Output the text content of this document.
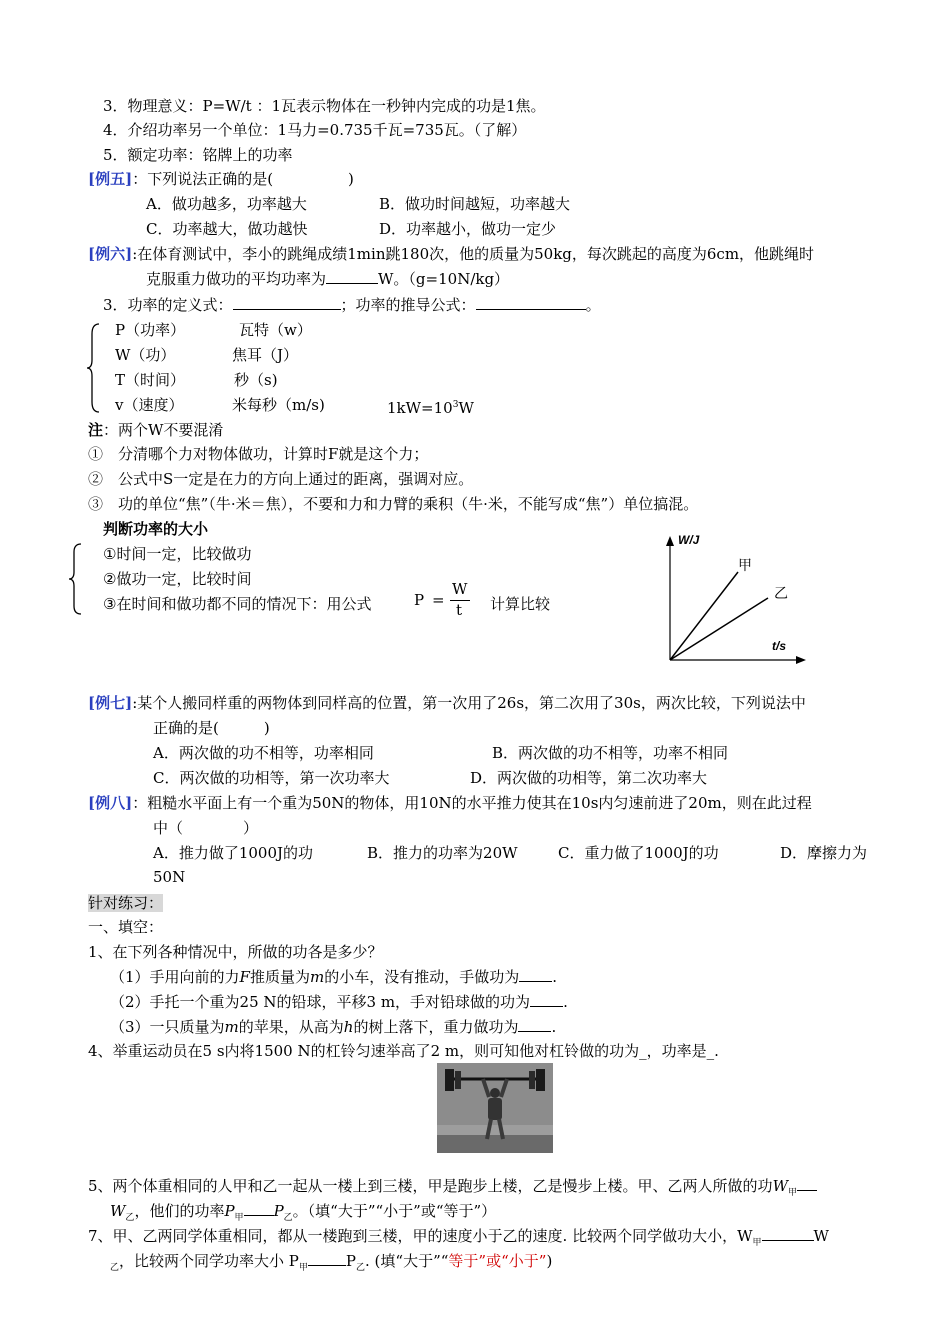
3．物理意义：P=W/t ：1瓦表示物体在一秒钟内完成的功是1焦。
4．介绍功率另一个单位：1马力=0.735千瓦=735瓦。（了解）
5．额定功率：铭牌上的功率
[例五]：下列说法正确的是(　　　　　)
A．做功越多，功率越大	B．做功时间越短，功率越大
C．功率越大，做功越快	D．功率越小，做功一定少
[例六]:在体育测试中，李小的跳绳成绩1min跳180次，他的质量为50kg，每次跳起的高度为6cm，他跳绳时
克服重力做功的平均功率为	W。（g=10N/kg）
3．功率的定义式：	；功率的推导公式：	。
P（功率）	瓦特（w）
W（功）	焦耳（J）
T（时间）	秒（s)
v（速度）	米每秒（m/s)	$1kW=10^3W$
注：两个W不要混淆
①　分清哪个力对物体做功，计算时F就是这个力；
②　公式中S一定是在力的方向上通过的距离，强调对应。
③　功的单位“焦”（牛·米＝焦），不要和力和力臂的乘积（牛·米，不能写成“焦”）单位搞混。
判断功率的大小
①时间一定，比较做功
②做功一定，比较时间
③在时间和做功都不同的情况下：用公式	P =
W
t 计算比较
W/J
t/s
甲
乙
[例七]:某个人搬同样重的两物体到同样高的位置，第一次用了26s，第二次用了30s，两次比较，下列说法中
正确的是(　　　)
A．两次做的功不相等，功率相同	B．两次做的功不相等，功率不相同
C．两次做的功相等，第一次功率大	D．两次做的功相等，第二次功率大
[例八]：粗糙水平面上有一个重为50N的物体，用10N的水平推力使其在10s内匀速前进了20m，则在此过程
中（　　　　）
A．推力做了1000J的功	B．推力的功率为20W	C．重力做了1000J的功	D．摩擦力为
50N
针对练习：
一、填空：
1、在下列各种情况中，所做的功各是多少？
（1）手用向前的力F推质量为m的小车，没有推动，手做功为 .
（2）手托一个重为25 N的铅球，平移3 m，手对铅球做的功为 .
（3）一只质量为m的苹果，从高为h的树上落下，重力做功为 .
4、举重运动员在5 s内将1500 N的杠铃匀速举高了2 m，则可知他对杠铃做的功为_，功率是_.
5、两个体重相同的人甲和乙一起从一楼上到三楼，甲是跑步上楼，乙是慢步上楼。甲、乙两人所做的功$W_甲$
$W_乙$，他们的功率$P_甲$ $P_乙$。（填“大于”“小于”或“等于”）
7、甲、乙两同学体重相同，都从一楼跑到三楼，甲的速度小于乙的速度. 比较两个同学做功大小，$W_甲$	W
$_乙$，比较两个同学功率大小 $P_甲$	$P_乙$. (填“大于”“等于”或“小于”)
